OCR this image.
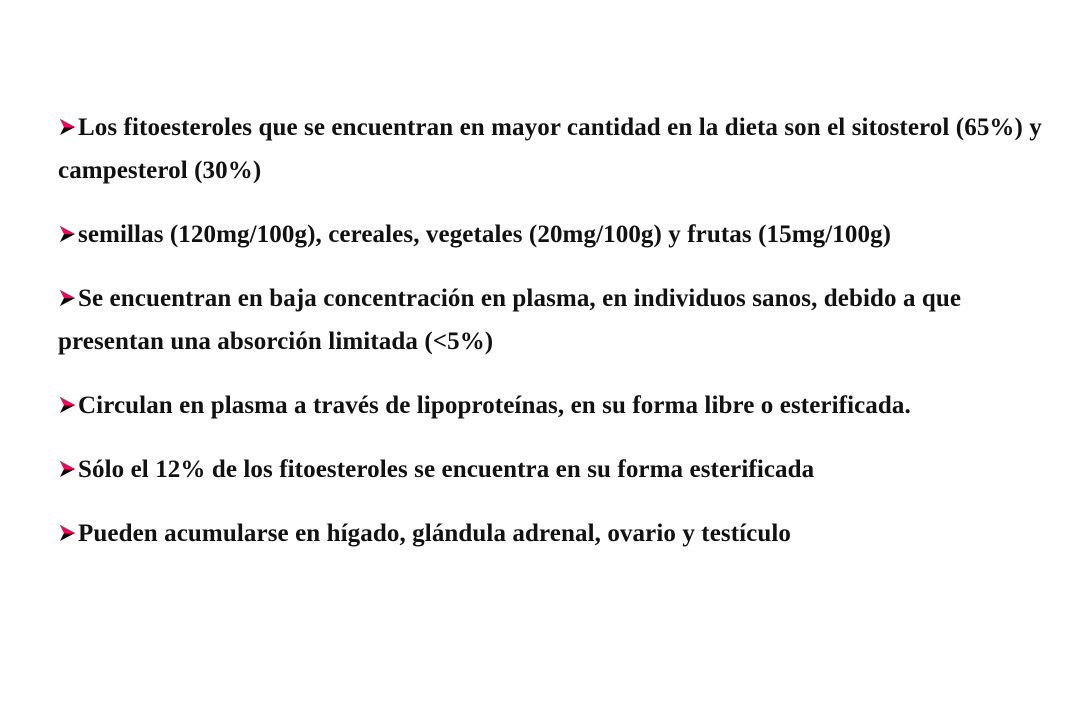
Los fitoesteroles que se encuentran en mayor cantidad en la dieta son el sitosterol (65%) y campesterol (30%)
semillas (120mg/100g), cereales, vegetales (20mg/100g) y frutas (15mg/100g)
Se encuentran en baja concentración en plasma, en individuos sanos, debido a que presentan una absorción limitada (<5%)
Circulan en plasma a través de lipoproteínas, en su forma libre o esterificada.
Sólo el 12% de los fitoesteroles se encuentra en su forma esterificada
Pueden acumularse en hígado, glándula adrenal, ovario y testículo
